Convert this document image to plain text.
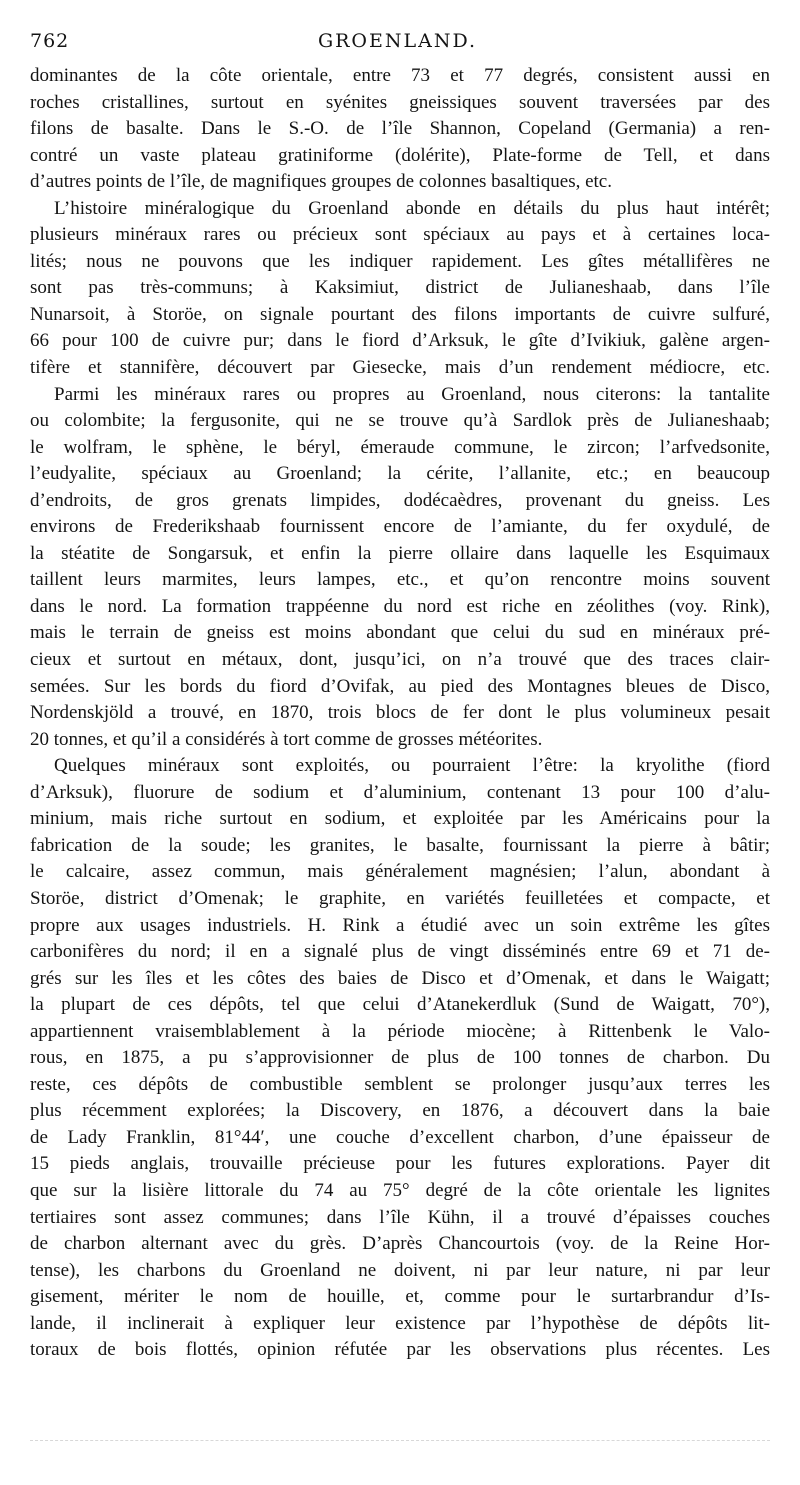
762	GROENLAND.
dominantes de la côte orientale, entre 73 et 77 degrés, consistent aussi en
roches cristallines, surtout en syénites gneissiques souvent traversées par des
filons de basalte. Dans le S.-O. de l’île Shannon, Copeland (Germania) a ren-
contré un vaste plateau gratiniforme (dolérite), Plate-forme de Tell, et dans
d’autres points de l’île, de magnifiques groupes de colonnes basaltiques, etc.
L’histoire minéralogique du Groenland abonde en détails du plus haut intérêt;
plusieurs minéraux rares ou précieux sont spéciaux au pays et à certaines loca-
lités; nous ne pouvons que les indiquer rapidement. Les gîtes métallifères ne
sont pas très-communs; à Kaksimiut, district de Julianeshaab, dans l’île
Nunarsoit, à Storöe, on signale pourtant des filons importants de cuivre sulfuré,
66 pour 100 de cuivre pur; dans le fiord d’Arksuk, le gîte d’Ivikiuk, galène argen-
tifère et stannifère, découvert par Giesecke, mais d’un rendement médiocre, etc.
Parmi les minéraux rares ou propres au Groenland, nous citerons: la tantalite
ou colombite; la fergusonite, qui ne se trouve qu’à Sardlok près de Julianeshaab;
le wolfram, le sphène, le béryl, émeraude commune, le zircon; l’arfvedsonite,
l’eudyalite, spéciaux au Groenland; la cérite, l’allanite, etc.; en beaucoup
d’endroits, de gros grenats limpides, dodécaèdres, provenant du gneiss. Les
environs de Frederikshaab fournissent encore de l’amiante, du fer oxydulé, de
la stéatite de Songarsuk, et enfin la pierre ollaire dans laquelle les Esquimaux
taillent leurs marmites, leurs lampes, etc., et qu’on rencontre moins souvent
dans le nord. La formation trappéenne du nord est riche en zéolithes (voy. Rink),
mais le terrain de gneiss est moins abondant que celui du sud en minéraux pré-
cieux et surtout en métaux, dont, jusqu’ici, on n’a trouvé que des traces clair-
semées. Sur les bords du fiord d’Ovifak, au pied des Montagnes bleues de Disco,
Nordenskjöld a trouvé, en 1870, trois blocs de fer dont le plus volumineux pesait
20 tonnes, et qu’il a considérés à tort comme de grosses météorites.
Quelques minéraux sont exploités, ou pourraient l’être: la kryolithe (fiord
d’Arksuk), fluorure de sodium et d’aluminium, contenant 13 pour 100 d’alu-
minium, mais riche surtout en sodium, et exploitée par les Américains pour la
fabrication de la soude; les granites, le basalte, fournissant la pierre à bâtir;
le calcaire, assez commun, mais généralement magnésien; l’alun, abondant à
Storöe, district d’Omenak; le graphite, en variétés feuilletées et compacte, et
propre aux usages industriels. H. Rink a étudié avec un soin extrême les gîtes
carbonifères du nord; il en a signalé plus de vingt disséminés entre 69 et 71 de-
grés sur les îles et les côtes des baies de Disco et d’Omenak, et dans le Waigatt;
la plupart de ces dépôts, tel que celui d’Atanekerdluk (Sund de Waigatt, 70°),
appartiennent vraisemblablement à la période miocène; à Rittenbenk le Valo-
rous, en 1875, a pu s’approvisionner de plus de 100 tonnes de charbon. Du
reste, ces dépôts de combustible semblent se prolonger jusqu’aux terres les
plus récemment explorées; la Discovery, en 1876, a découvert dans la baie
de Lady Franklin, 81°44′, une couche d’excellent charbon, d’une épaisseur de
15 pieds anglais, trouvaille précieuse pour les futures explorations. Payer dit
que sur la lisière littorale du 74 au 75° degré de la côte orientale les lignites
tertiaires sont assez communes; dans l’île Kühn, il a trouvé d’épaisses couches
de charbon alternant avec du grès. D’après Chancourtois (voy. de la Reine Hor-
tense), les charbons du Groenland ne doivent, ni par leur nature, ni par leur
gisement, mériter le nom de houille, et, comme pour le surtarbrandur d’Is-
lande, il inclinerait à expliquer leur existence par l’hypothèse de dépôts lit-
toraux de bois flottés, opinion réfutée par les observations plus récentes. Les
